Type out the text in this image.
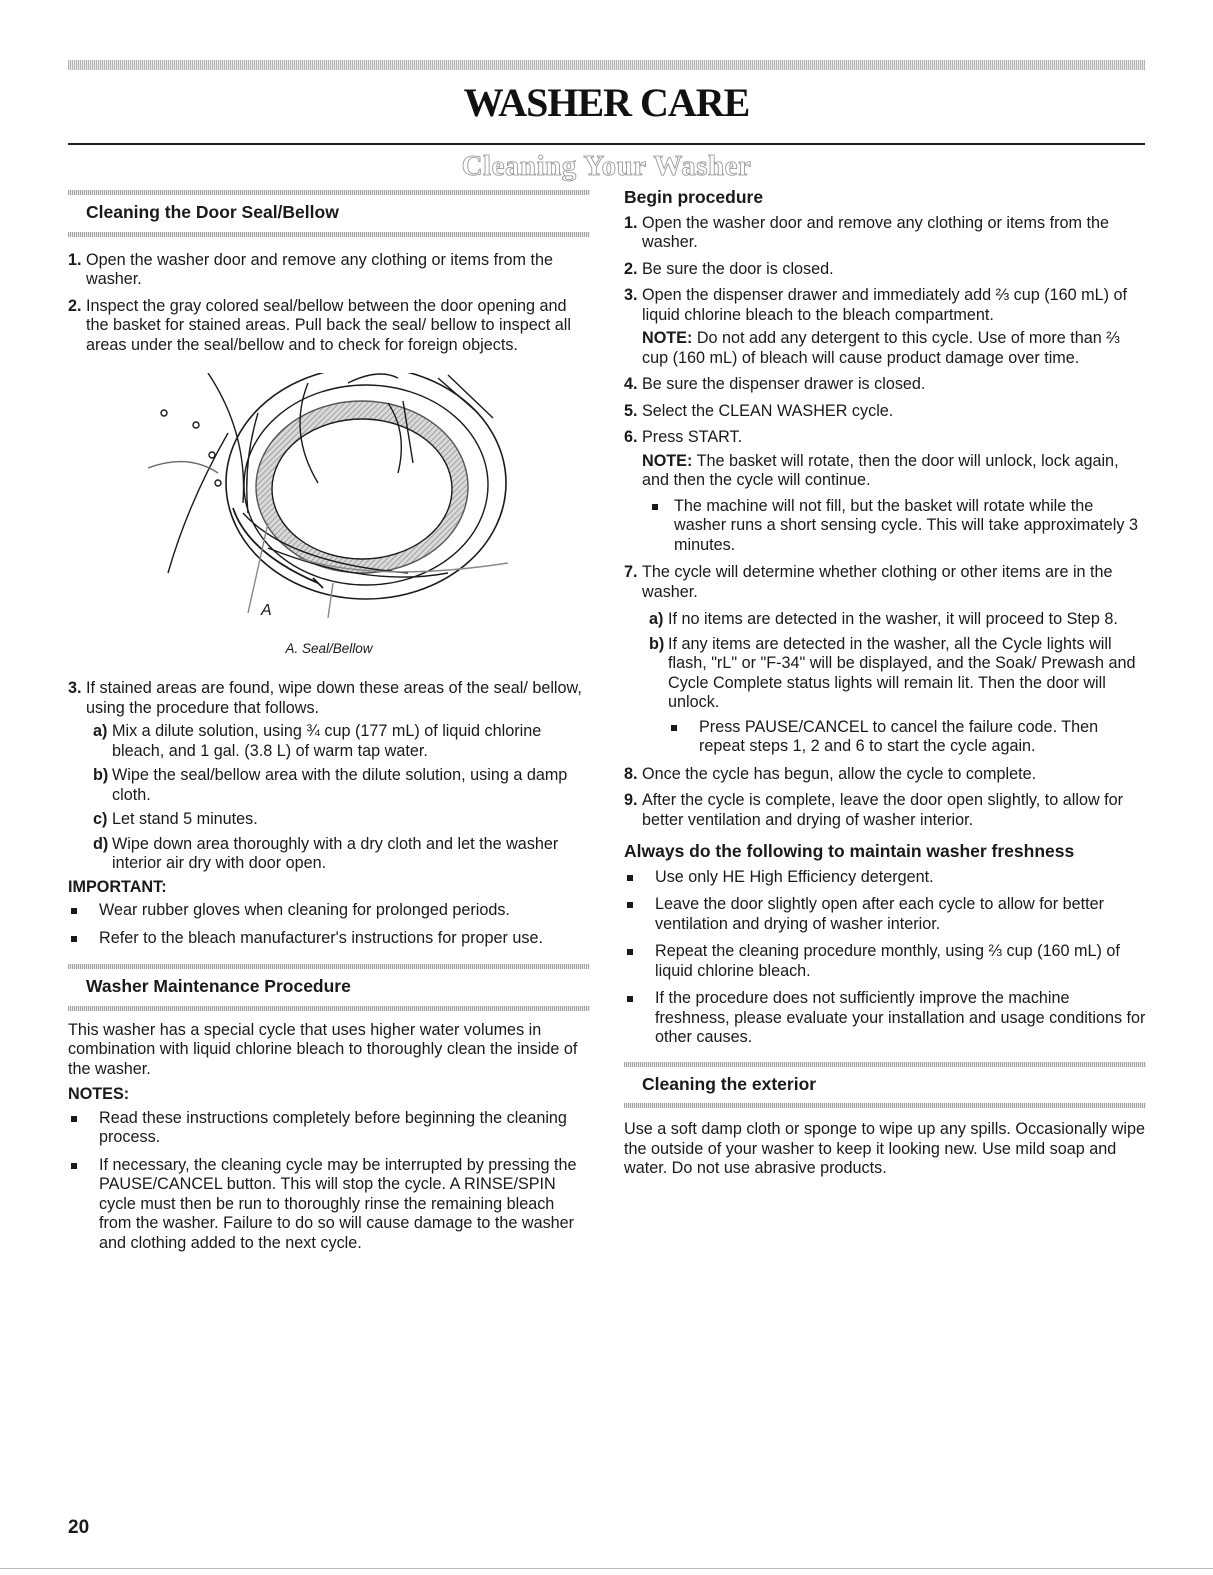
WASHER CARE
Cleaning Your Washer
Cleaning the Door Seal/Bellow
1. Open the washer door and remove any clothing or items from the washer.
2. Inspect the gray colored seal/bellow between the door opening and the basket for stained areas. Pull back the seal/ bellow to inspect all areas under the seal/bellow and to check for foreign objects.
A
A. Seal/Bellow
3. If stained areas are found, wipe down these areas of the seal/ bellow, using the procedure that follows.
a) Mix a dilute solution, using ¾ cup (177 mL) of liquid chlorine bleach, and 1 gal. (3.8 L) of warm tap water.
b) Wipe the seal/bellow area with the dilute solution, using a damp cloth.
c) Let stand 5 minutes.
d) Wipe down area thoroughly with a dry cloth and let the washer interior air dry with door open.
IMPORTANT:
Wear rubber gloves when cleaning for prolonged periods.
Refer to the bleach manufacturer's instructions for proper use.
Washer Maintenance Procedure

This washer has a special cycle that uses higher water volumes in combination with liquid chlorine bleach to thoroughly clean the inside of the washer.

NOTES:
Read these instructions completely before beginning the cleaning process.
If necessary, the cleaning cycle may be interrupted by pressing the PAUSE/CANCEL button. This will stop the cycle. A RINSE/SPIN cycle must then be run to thoroughly rinse the remaining bleach from the washer. Failure to do so will cause damage to the washer and clothing added to the next cycle.
Begin procedure
1. Open the washer door and remove any clothing or items from the washer.
2. Be sure the door is closed.
3. Open the dispenser drawer and immediately add ⅔ cup (160 mL) of liquid chlorine bleach to the bleach compartment.

NOTE: Do not add any detergent to this cycle. Use of more than ⅔ cup (160 mL) of bleach will cause product damage over time.

4. Be sure the dispenser drawer is closed.
5. Select the CLEAN WASHER cycle.
6. Press START.

NOTE: The basket will rotate, then the door will unlock, lock again, and then the cycle will continue.

The machine will not fill, but the basket will rotate while the washer runs a short sensing cycle. This will take approximately 3 minutes.
7. The cycle will determine whether clothing or other items are in the washer.
a) If no items are detected in the washer, it will proceed to Step 8.
b) If any items are detected in the washer, all the Cycle lights will flash, "rL" or "F-34" will be displayed, and the Soak/ Prewash and Cycle Complete status lights will remain lit. Then the door will unlock.
Press PAUSE/CANCEL to cancel the failure code. Then repeat steps 1, 2 and 6 to start the cycle again.
8. Once the cycle has begun, allow the cycle to complete.
9. After the cycle is complete, leave the door open slightly, to allow for better ventilation and drying of washer interior.
Always do the following to maintain washer freshness
Use only HE High Efficiency detergent.
Leave the door slightly open after each cycle to allow for better ventilation and drying of washer interior.
Repeat the cleaning procedure monthly, using ⅔ cup (160 mL) of liquid chlorine bleach.
If the procedure does not sufficiently improve the machine freshness, please evaluate your installation and usage conditions for other causes.
Cleaning the exterior

Use a soft damp cloth or sponge to wipe up any spills. Occasionally wipe the outside of your washer to keep it looking new. Use mild soap and water. Do not use abrasive products.

20
